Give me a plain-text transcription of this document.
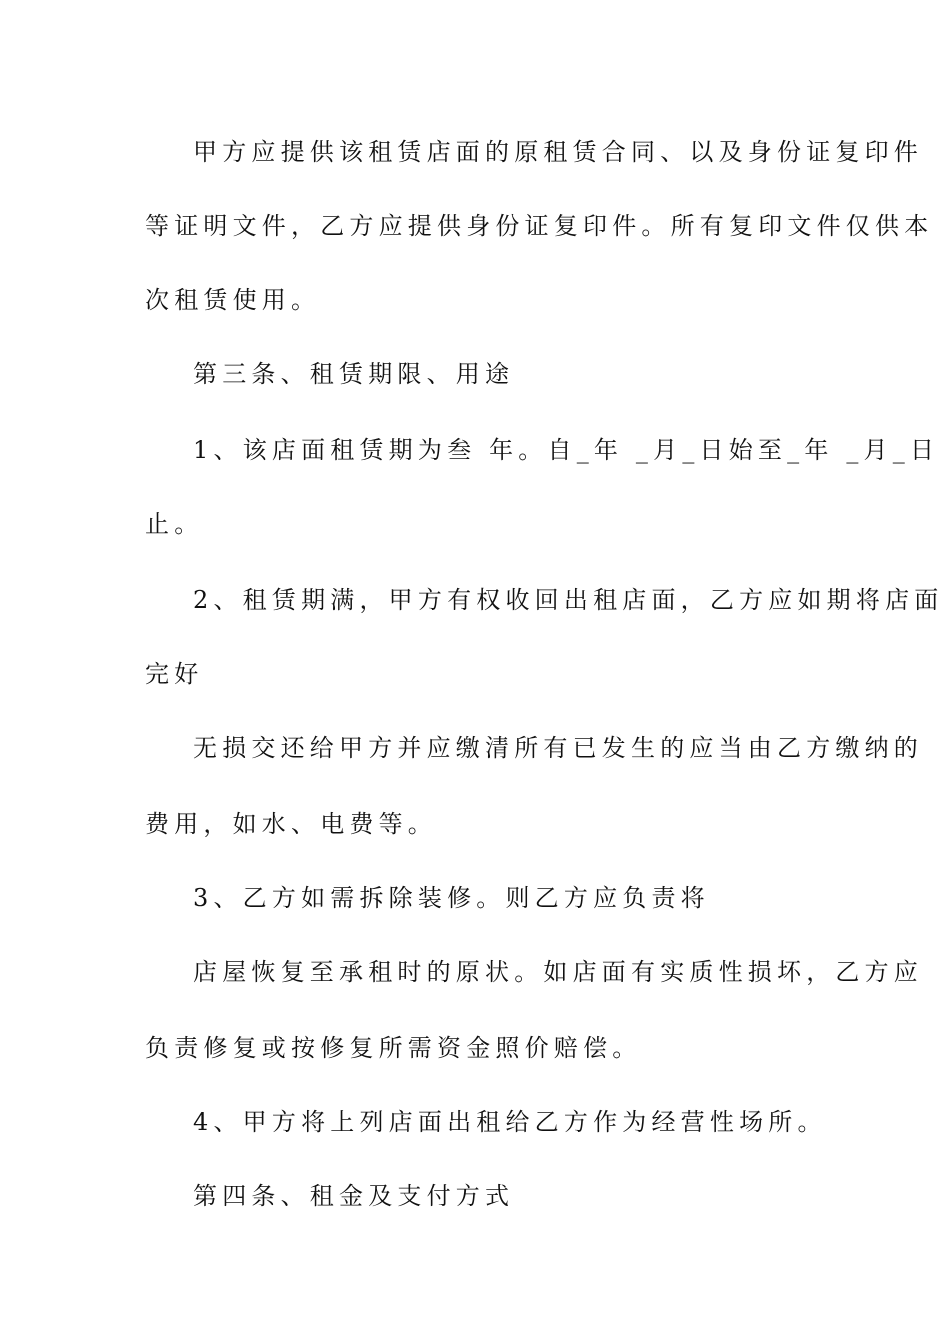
甲方应提供该租赁店面的原租赁合同、以及身份证复印件
等证明文件，乙方应提供身份证复印件。所有复印文件仅供本
次租赁使用。
第三条、租赁期限、用途
1、该店面租赁期为叁 年。自_年 _月_日始至_年 _月_日
止。
2、租赁期满，甲方有权收回出租店面，乙方应如期将店面
完好
无损交还给甲方并应缴清所有已发生的应当由乙方缴纳的
费用，如水、电费等。
3、乙方如需拆除装修。则乙方应负责将
店屋恢复至承租时的原状。如店面有实质性损坏，乙方应
负责修复或按修复所需资金照价赔偿。
4、甲方将上列店面出租给乙方作为经营性场所。
第四条、租金及支付方式
